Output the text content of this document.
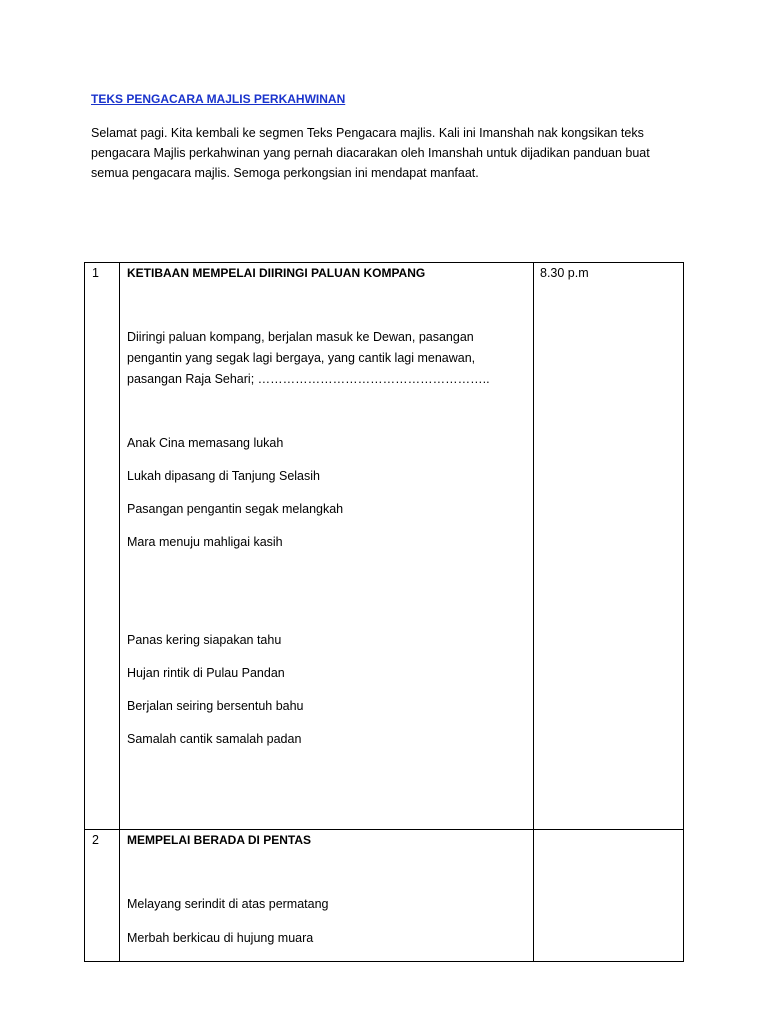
TEKS PENGACARA MAJLIS PERKAHWINAN
Selamat pagi. Kita kembali ke segmen Teks Pengacara majlis. Kali ini Imanshah nak kongsikan teks
pengacara Majlis perkahwinan yang pernah diacarakan oleh Imanshah untuk dijadikan panduan buat
semua pengacara majlis. Semoga perkongsian ini mendapat manfaat.
1 KETIBAAN MEMPELAI DIIRINGI PALUAN KOMPANG	8.30 p.m
Diiringi paluan kompang, berjalan masuk ke Dewan, pasangan
pengantin yang segak lagi bergaya, yang cantik lagi menawan,
pasangan Raja Sehari; ………………………………………………..
Anak Cina memasang lukah
Lukah dipasang di Tanjung Selasih
Pasangan pengantin segak melangkah
Mara menuju mahligai kasih
Panas kering siapakan tahu
Hujan rintik di Pulau Pandan
Berjalan seiring bersentuh bahu
Samalah cantik samalah padan
2 MEMPELAI BERADA DI PENTAS
Melayang serindit di atas permatang
Merbah berkicau di hujung muara
